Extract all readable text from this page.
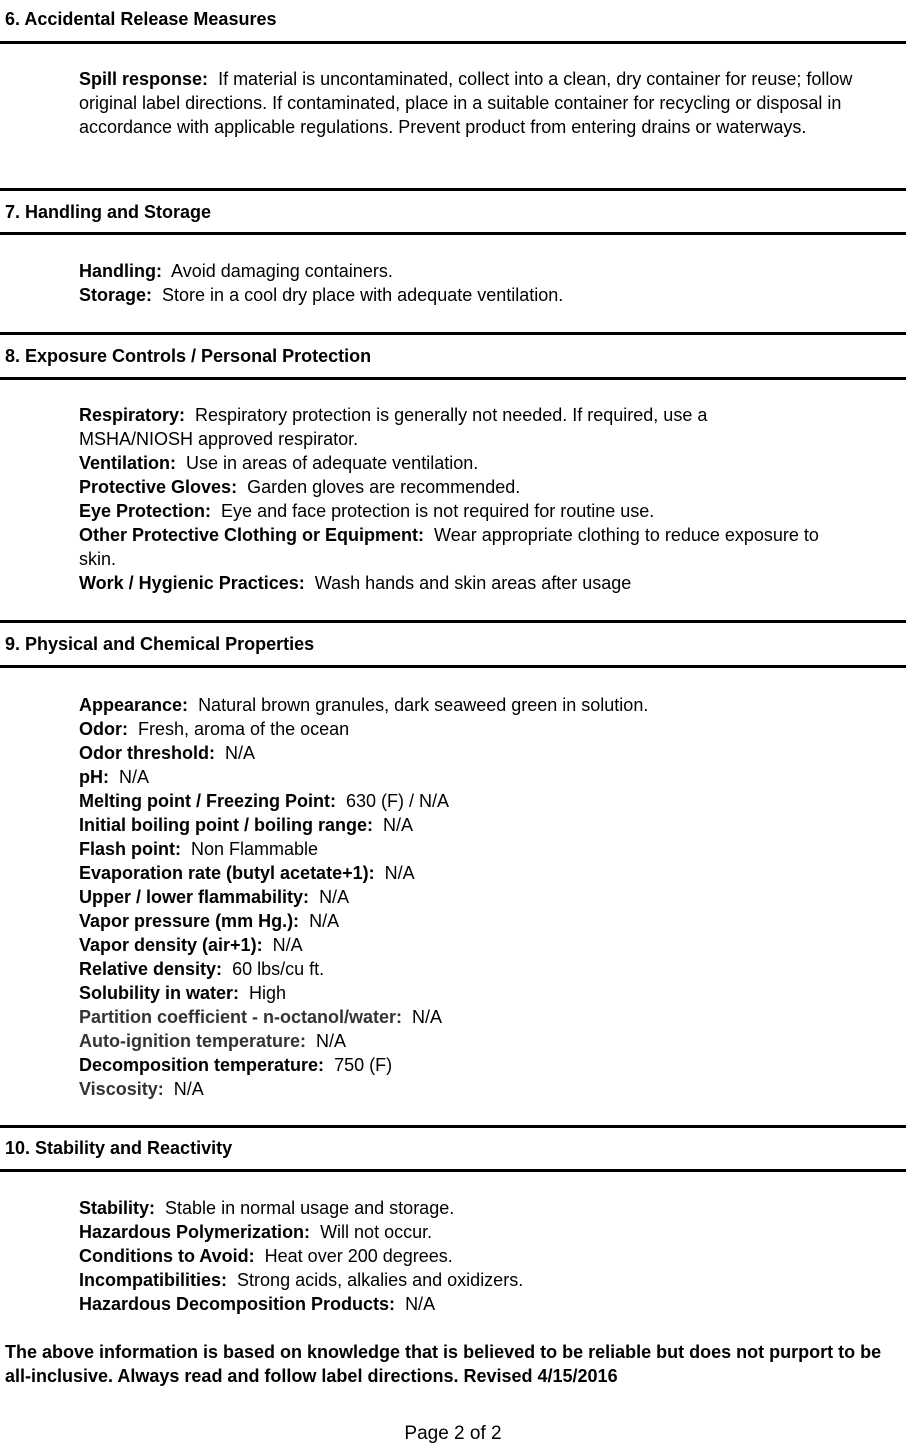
6. Accidental Release Measures
Spill response: If material is uncontaminated, collect into a clean, dry container for reuse; follow original label directions. If contaminated, place in a suitable container for recycling or disposal in accordance with applicable regulations. Prevent product from entering drains or waterways.
7. Handling and Storage
Handling: Avoid damaging containers.
Storage: Store in a cool dry place with adequate ventilation.
8. Exposure Controls / Personal Protection
Respiratory: Respiratory protection is generally not needed. If required, use a MSHA/NIOSH approved respirator.
Ventilation: Use in areas of adequate ventilation.
Protective Gloves: Garden gloves are recommended.
Eye Protection: Eye and face protection is not required for routine use.
Other Protective Clothing or Equipment: Wear appropriate clothing to reduce exposure to skin.
Work / Hygienic Practices: Wash hands and skin areas after usage
9. Physical and Chemical Properties
Appearance: Natural brown granules, dark seaweed green in solution.
Odor: Fresh, aroma of the ocean
Odor threshold: N/A
pH: N/A
Melting point / Freezing Point: 630 (F) / N/A
Initial boiling point / boiling range: N/A
Flash point: Non Flammable
Evaporation rate (butyl acetate+1): N/A
Upper / lower flammability: N/A
Vapor pressure (mm Hg.): N/A
Vapor density (air+1): N/A
Relative density: 60 lbs/cu ft.
Solubility in water: High
Partition coefficient - n-octanol/water: N/A
Auto-ignition temperature: N/A
Decomposition temperature: 750 (F)
Viscosity: N/A
10. Stability and Reactivity
Stability: Stable in normal usage and storage.
Hazardous Polymerization: Will not occur.
Conditions to Avoid: Heat over 200 degrees.
Incompatibilities: Strong acids, alkalies and oxidizers.
Hazardous Decomposition Products: N/A
The above information is based on knowledge that is believed to be reliable but does not purport to be all-inclusive. Always read and follow label directions. Revised 4/15/2016
Page 2 of 2
